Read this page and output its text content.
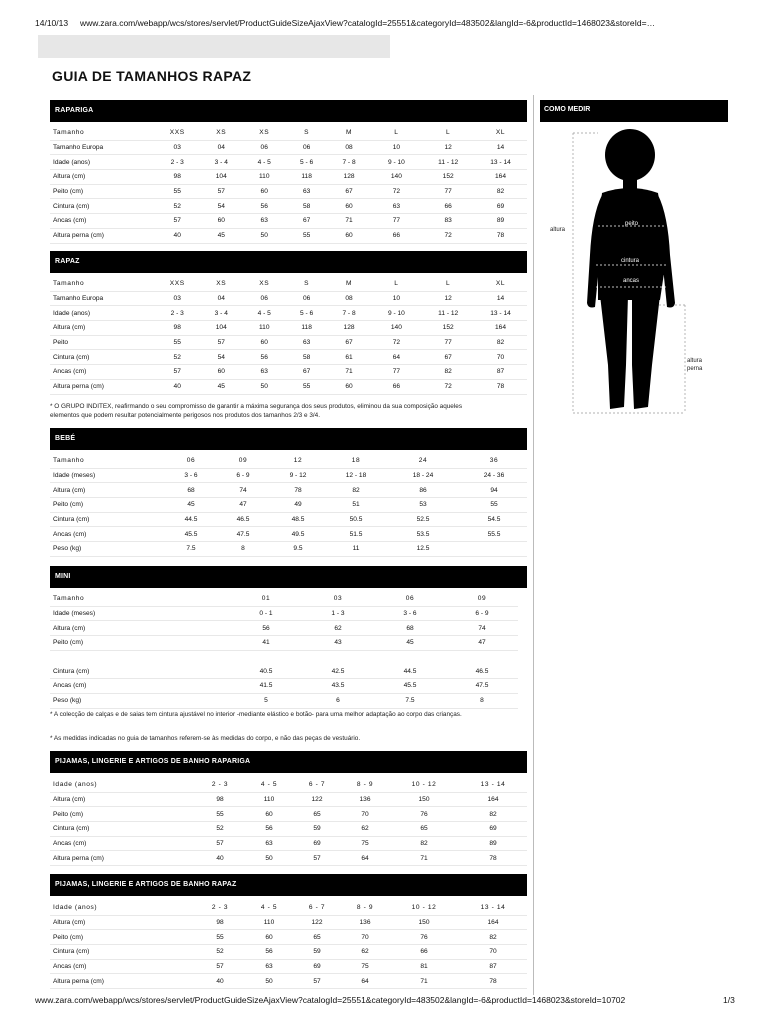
14/10/13 www.zara.com/webapp/wcs/stores/servlet/ProductGuideSizeAjaxView?catalogId=25551&categoryId=483502&langId=-6&productId=1468023&storeId=…
GUIA DE TAMANHOS RAPAZ
RAPARIGA
Tamanho	XXS	XS	XS	S	M	L	L	XL
Tamanho Europa	03	04	06	06	08	10	12	14
Idade (anos)	2 - 3	3 - 4	4 - 5	5 - 6	7 - 8	9 - 10	11 - 12	13 - 14
Altura (cm)	98	104	110	118	128	140	152	164
Peito (cm)	55	57	60	63	67	72	77	82
Cintura (cm)	52	54	56	58	60	63	66	69
Ancas (cm)	57	60	63	67	71	77	83	89
Altura perna (cm)	40	45	50	55	60	66	72	78
RAPAZ
Tamanho	XXS	XS	XS	S	M	L	L	XL
Tamanho Europa	03	04	06	06	08	10	12	14
Idade (anos)	2 - 3	3 - 4	4 - 5	5 - 6	7 - 8	9 - 10	11 - 12	13 - 14
Altura (cm)	98	104	110	118	128	140	152	164
Peito	55	57	60	63	67	72	77	82
Cintura (cm)	52	54	56	58	61	64	67	70
Ancas (cm)	57	60	63	67	71	77	82	87
Altura perna (cm)	40	45	50	55	60	66	72	78
* O GRUPO INDITEX, reafirmando o seu compromisso de garantir a máxima segurança dos seus produtos, eliminou da sua composição aqueles elementos que podem resultar potencialmente perigosos nos produtos dos tamanhos 2/3 e 3/4.
BEBÉ
Tamanho	06	09	12	18	24	36
Idade (meses)	3 - 6	6 - 9	9 - 12	12 - 18	18 - 24	24 - 36
Altura (cm)	68	74	78	82	86	94
Peito (cm)	45	47	49	51	53	55
Cintura (cm)	44.5	46.5	48.5	50.5	52.5	54.5
Ancas (cm)	45.5	47.5	49.5	51.5	53.5	55.5
Peso (kg)	7.5	8	9.5	11	12.5	
MINI
Tamanho	01	03	06	09
Idade (meses)	0 - 1	1 - 3	3 - 6	6 - 9
Altura (cm)	56	62	68	74
Peito (cm)	41	43	45	47

Cintura (cm)	40.5	42.5	44.5	46.5
Ancas (cm)	41.5	43.5	45.5	47.5
Peso (kg)	5	6	7.5	8
* A colecção de calças e de saias tem cintura ajustável no interior -mediante elástico e botão- para uma melhor adaptação ao corpo das crianças.
* As medidas indicadas no guia de tamanhos referem-se às medidas do corpo, e não das peças de vestuário.
PIJAMAS, LINGERIE E ARTIGOS DE BANHO RAPARIGA
Idade (anos)	2 - 3	4 - 5	6 - 7	8 - 9	10 - 12	13 - 14
Altura (cm)	98	110	122	136	150	164
Peito (cm)	55	60	65	70	76	82
Cintura (cm)	52	56	59	62	65	69
Ancas (cm)	57	63	69	75	82	89
Altura perna (cm)	40	50	57	64	71	78
PIJAMAS, LINGERIE E ARTIGOS DE BANHO RAPAZ
Idade (anos)	2 - 3	4 - 5	6 - 7	8 - 9	10 - 12	13 - 14
Altura (cm)	98	110	122	136	150	164
Peito (cm)	55	60	65	70	76	82
Cintura (cm)	52	56	59	62	66	70
Ancas (cm)	57	63	69	75	81	87
Altura perna (cm)	40	50	57	64	71	78
COMO MEDIR
peito
cintura
ancas
altura
altura
perna
www.zara.com/webapp/wcs/stores/servlet/ProductGuideSizeAjaxView?catalogId=25551&categoryId=483502&langId=-6&productId=1468023&storeId=10702	1/3
